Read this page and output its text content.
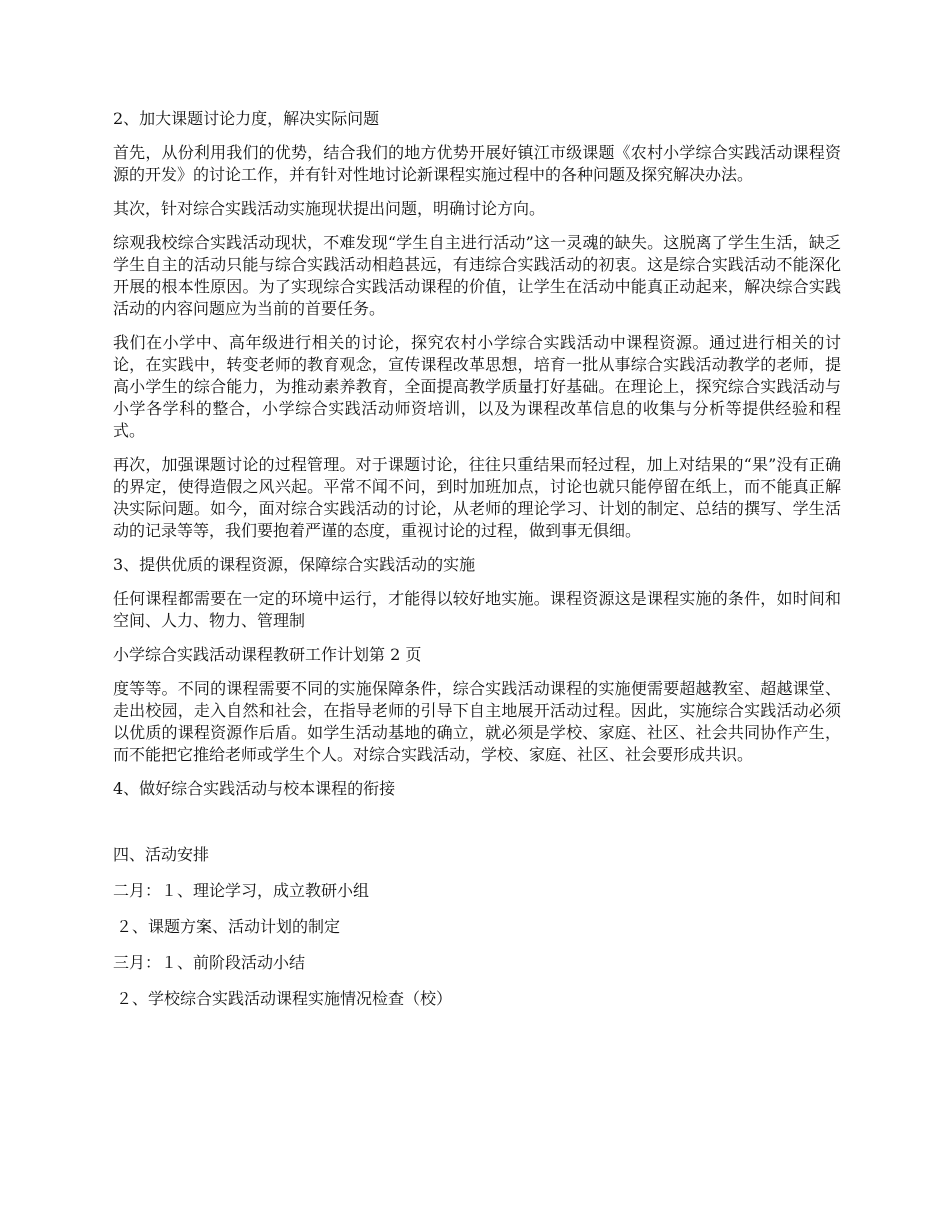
2、加大课题讨论力度，解决实际问题

首先，从份利用我们的优势，结合我们的地方优势开展好镇江市级课题《农村小学综合实践活动课程资源的开发》的讨论工作，并有针对性地讨论新课程实施过程中的各种问题及探究解决办法。

其次，针对综合实践活动实施现状提出问题，明确讨论方向。

综观我校综合实践活动现状，不难发现“学生自主进行活动”这一灵魂的缺失。这脱离了学生生活，缺乏学生自主的活动只能与综合实践活动相趋甚远，有违综合实践活动的初衷。这是综合实践活动不能深化开展的根本性原因。为了实现综合实践活动课程的价值，让学生在活动中能真正动起来，解决综合实践活动的内容问题应为当前的首要任务。

我们在小学中、高年级进行相关的讨论，探究农村小学综合实践活动中课程资源。通过进行相关的讨论，在实践中，转变老师的教育观念，宣传课程改革思想，培育一批从事综合实践活动教学的老师，提高小学生的综合能力，为推动素养教育，全面提高教学质量打好基础。在理论上，探究综合实践活动与小学各学科的整合，小学综合实践活动师资培训，以及为课程改革信息的收集与分析等提供经验和程式。

再次，加强课题讨论的过程管理。对于课题讨论，往往只重结果而轻过程，加上对结果的“果”没有正确的界定，使得造假之风兴起。平常不闻不问，到时加班加点，讨论也就只能停留在纸上，而不能真正解决实际问题。如今，面对综合实践活动的讨论，从老师的理论学习、计划的制定、总结的撰写、学生活动的记录等等，我们要抱着严谨的态度，重视讨论的过程，做到事无俱细。

3、提供优质的课程资源，保障综合实践活动的实施

任何课程都需要在一定的环境中运行，才能得以较好地实施。课程资源这是课程实施的条件，如时间和空间、人力、物力、管理制

小学综合实践活动课程教研工作计划第 2 页

度等等。不同的课程需要不同的实施保障条件，综合实践活动课程的实施便需要超越教室、超越课堂、走出校园，走入自然和社会，在指导老师的引导下自主地展开活动过程。因此，实施综合实践活动必须以优质的课程资源作后盾。如学生活动基地的确立，就必须是学校、家庭、社区、社会共同协作产生，而不能把它推给老师或学生个人。对综合实践活动，学校、家庭、社区、社会要形成共识。

4、做好综合实践活动与校本课程的衔接

四、活动安排

二月：１、理论学习，成立教研小组

２、课题方案、活动计划的制定

三月：１、前阶段活动小结

２、学校综合实践活动课程实施情况检查（校）
